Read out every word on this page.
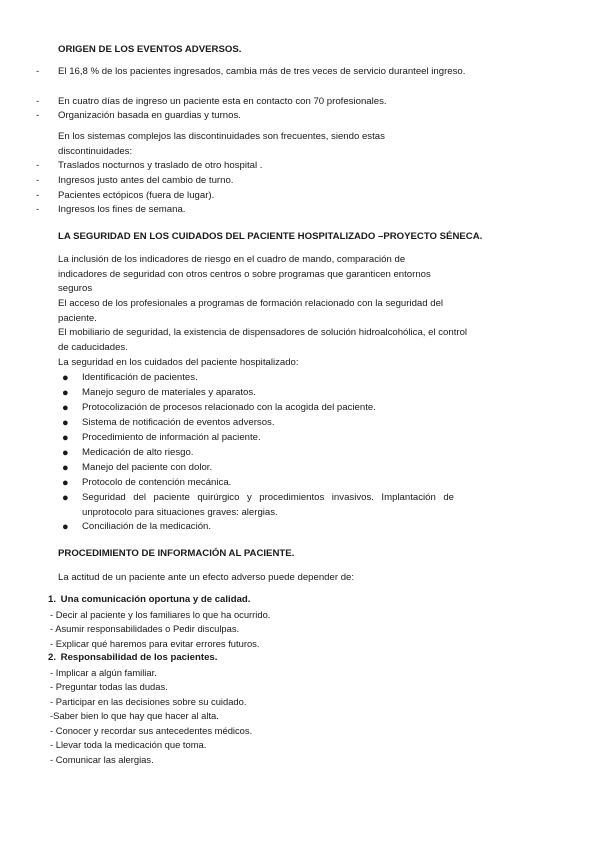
ORIGEN DE LOS EVENTOS ADVERSOS.
- El 16,8 % de los pacientes ingresados, cambia más de tres veces de servicio duranteel ingreso.
- En cuatro días de ingreso un paciente esta en contacto con 70 profesionales.
- Organización basada en guardias y turnos.
En los sistemas complejos las discontinuidades son frecuentes, siendo estas discontinuidades:
- Traslados nocturnos y traslado de otro hospital .
- Ingresos justo antes del cambio de turno.
- Pacientes ectópicos (fuera de lugar).
- Ingresos los fines de semana.
LA SEGURIDAD EN LOS CUIDADOS DEL PACIENTE HOSPITALIZADO –PROYECTO SÉNECA.
La inclusión de los indicadores de riesgo en el cuadro de mando, comparación de indicadores de seguridad con otros centros o sobre programas que garanticen entornos seguros
El acceso de los profesionales a programas de formación relacionado con la seguridad del paciente.
El mobiliario de seguridad, la existencia de dispensadores de solución hidroalcohólica, el control de caducidades.
La seguridad en los cuidados del paciente hospitalizado:
● Identificación de pacientes.
● Manejo seguro de materiales y aparatos.
● Protocolización de procesos relacionado con la acogida del paciente.
● Sistema de notificación de eventos adversos.
● Procedimiento de información al paciente.
● Medicación de alto riesgo.
● Manejo del paciente con dolor.
● Protocolo de contención mecánica.
● Seguridad del paciente quirúrgico y procedimientos invasivos. Implantación de unprotocolo para situaciones graves: alergias.
● Conciliación de la medicación.
PROCEDIMIENTO DE INFORMACIÓN AL PACIENTE.
La actitud de un paciente ante un efecto adverso puede depender de:
1. Una comunicación oportuna y de calidad.
- Decir al paciente y los familiares lo que ha ocurrido.
- Asumir responsabilidades o Pedir disculpas.
- Explicar qué haremos para evitar errores futuros.
2. Responsabilidad de los pacientes.
- Implicar a algún familiar.
- Preguntar todas las dudas.
- Participar en las decisiones sobre su cuidado.
-Saber bien lo que hay que hacer al alta.
- Conocer y recordar sus antecedentes médicos.
- Llevar toda la medicación que toma.
- Comunicar las alergias.
